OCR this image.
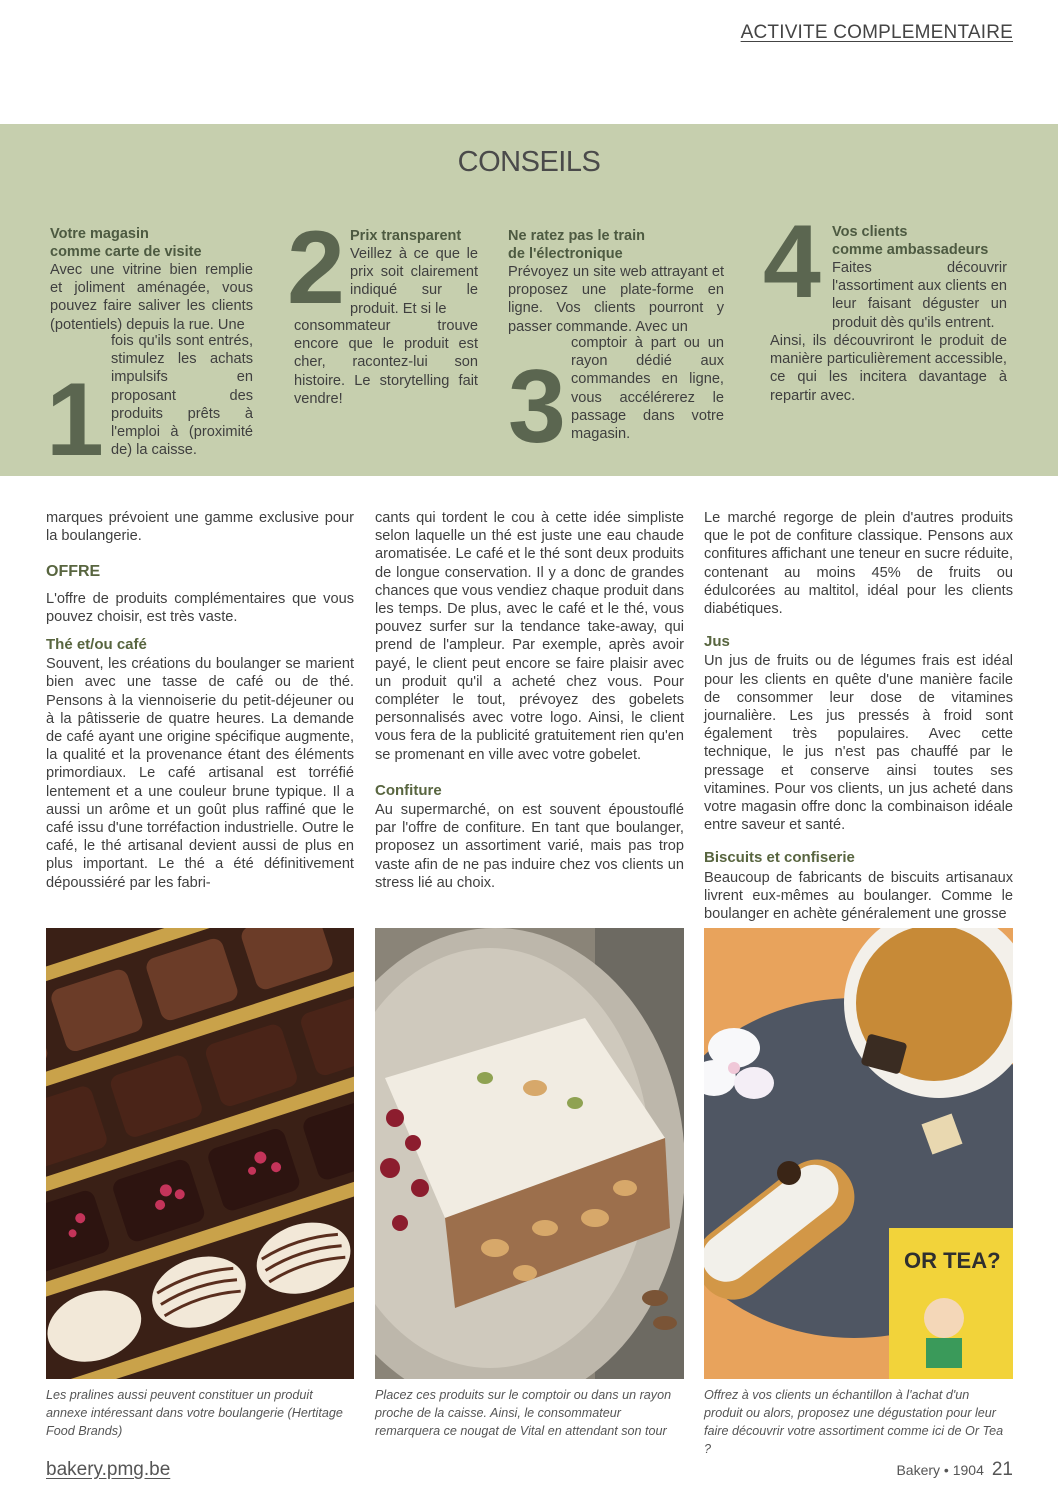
ACTIVITE COMPLEMENTAIRE
CONSEILS
Votre magasin
comme carte de visite
Avec une vitrine bien remplie et joliment aménagée, vous pouvez faire saliver les clients (potentiels) depuis la rue. Une
1
fois qu'ils sont entrés, stimulez les achats impulsifs en proposant des produits prêts à l'emploi à (proximité de) la caisse.
2 Prix transparent
Veillez à ce que le prix soit clairement indiqué sur le produit. Et si le
consommateur trouve encore que le produit est cher, racontez-lui son histoire. Le storytelling fait vendre!
Ne ratez pas le train
de l'électronique
Prévoyez un site web attrayant et proposez une plate-forme en ligne. Vos clients pourront y passer commande. Avec un
3
comptoir à part ou un rayon dédié aux commandes en ligne, vous accélérerez le passage dans votre magasin.
4 Vos clients
comme ambassadeurs
Faites découvrir l'assortiment aux clients en leur faisant déguster un produit dès qu'ils entrent.
Ainsi, ils découvriront le produit de manière particulièrement accessible, ce qui les incitera davantage à repartir avec.

marques prévoient une gamme exclusive pour la boulangerie.

OFFRE

L'offre de produits complémentaires que vous pouvez choisir, est très vaste.

Thé et/ou café

Souvent, les créations du boulanger se marient bien avec une tasse de café ou de thé. Pensons à la viennoiserie du petit-déjeuner ou à la pâtisserie de quatre heures. La demande de café ayant une origine spécifique augmente, la qualité et la provenance étant des éléments primordiaux. Le café artisanal est torréfié lentement et a une couleur brune typique. Il a aussi un arôme et un goût plus raffiné que le café issu d'une torréfaction industrielle. Outre le café, le thé artisanal devient aussi de plus en plus important. Le thé a été définitivement dépoussiéré par les fabri-

cants qui tordent le cou à cette idée simpliste selon laquelle un thé est juste une eau chaude aromatisée. Le café et le thé sont deux produits de longue conservation. Il y a donc de grandes chances que vous vendiez chaque produit dans les temps. De plus, avec le café et le thé, vous pouvez surfer sur la tendance take-away, qui prend de l'ampleur. Par exemple, après avoir payé, le client peut encore se faire plaisir avec un produit qu'il a acheté chez vous. Pour compléter le tout, prévoyez des gobelets personnalisés avec votre logo. Ainsi, le client vous fera de la publicité gratuitement rien qu'en se promenant en ville avec votre gobelet.

Confiture

Au supermarché, on est souvent époustouflé par l'offre de confiture. En tant que boulanger, proposez un assortiment varié, mais pas trop vaste afin de ne pas induire chez vos clients un stress lié au choix.

Le marché regorge de plein d'autres produits que le pot de confiture classique. Pensons aux confitures affichant une teneur en sucre réduite, contenant au moins 45% de fruits ou édulcorées au maltitol, idéal pour les clients diabétiques.

Jus

Un jus de fruits ou de légumes frais est idéal pour les clients en quête d'une manière facile de consommer leur dose de vitamines journalière. Les jus pressés à froid sont également très populaires. Avec cette technique, le jus n'est pas chauffé par le pressage et conserve ainsi toutes ses vitamines. Pour vos clients, un jus acheté dans votre magasin offre donc la combinaison idéale entre saveur et santé.

Biscuits et confiserie

Beaucoup de fabricants de biscuits artisanaux livrent eux-mêmes au boulanger. Comme le boulanger en achète généralement une grosse

OR TEA?
Les pralines aussi peuvent constituer un produit annexe intéressant dans votre boulangerie (Hertitage Food Brands)
Placez ces produits sur le comptoir ou dans un rayon proche de la caisse. Ainsi, le consommateur remarquera ce nougat de Vital en attendant son tour
Offrez à vos clients un échantillon à l'achat d'un produit ou alors, proposez une dégustation pour leur faire découvrir votre assortiment comme ici de Or Tea ?
bakery.pmg.be	Bakery • 1904 21
